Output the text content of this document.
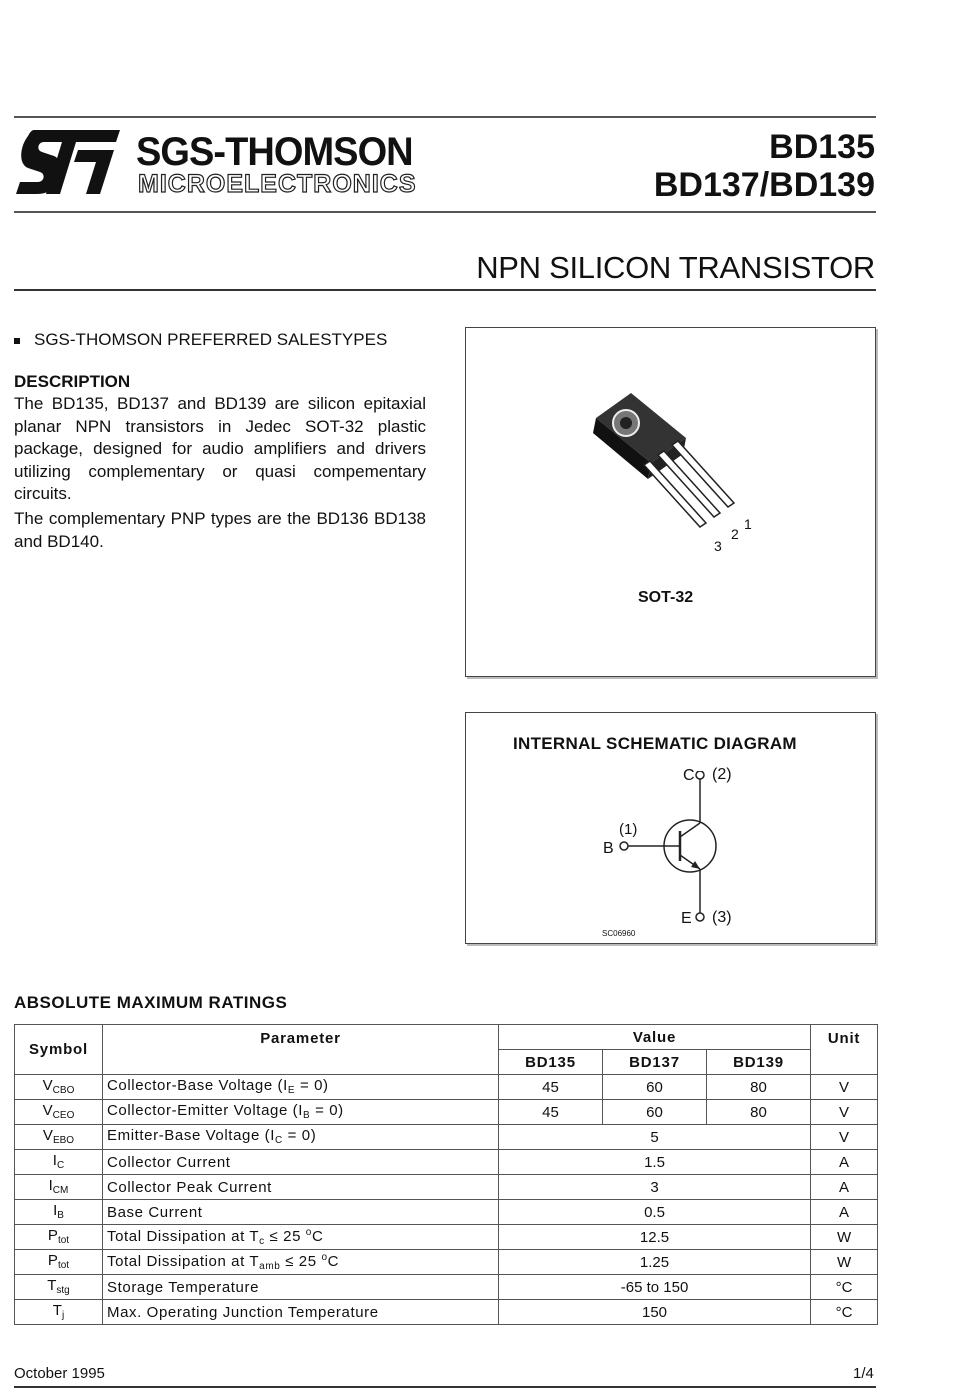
SGS-THOMSON
MICROELECTRONICS
BD135
BD137/BD139
NPN SILICON TRANSISTOR
SGS-THOMSON PREFERRED SALESTYPES
DESCRIPTION
The BD135, BD137 and BD139 are silicon epitaxial planar NPN transistors in Jedec SOT-32 plastic package, designed for audio amplifiers and drivers utilizing complementary or quasi compementary circuits.
The complementary PNP types are the BD136 BD138 and BD140.
1
2
3
SOT-32
INTERNAL SCHEMATIC DIAGRAM
C (2)
(1)
B
E (3)
SC06960
ABSOLUTE MAXIMUM RATINGS
Symbol	Parameter	Value			Unit
		BD135	BD137	BD139	
$V_{CBO}$	Collector-Base Voltage $(I_E = 0)$	45	60	80	V
$V_{CEO}$	Collector-Emitter Voltage $(I_B = 0)$	45	60	80	V
$V_{EBO}$	Emitter-Base Voltage $(I_C = 0)$	5			V
$I_C$	Collector Current	1.5			A
$I_{CM}$	Collector Peak Current	3			A
$I_B$	Base Current	0.5			A
$P_{tot}$	Total Dissipation at $T_c \le 25$ $^o$C	12.5			W
$P_{tot}$	Total Dissipation at $T_{amb} \le 25$ $^o$C	1.25			W
$T_{stg}$	Storage Temperature	-65 to 150			°C
$T_j$	Max. Operating Junction Temperature	150			°C
October 1995	1/4
